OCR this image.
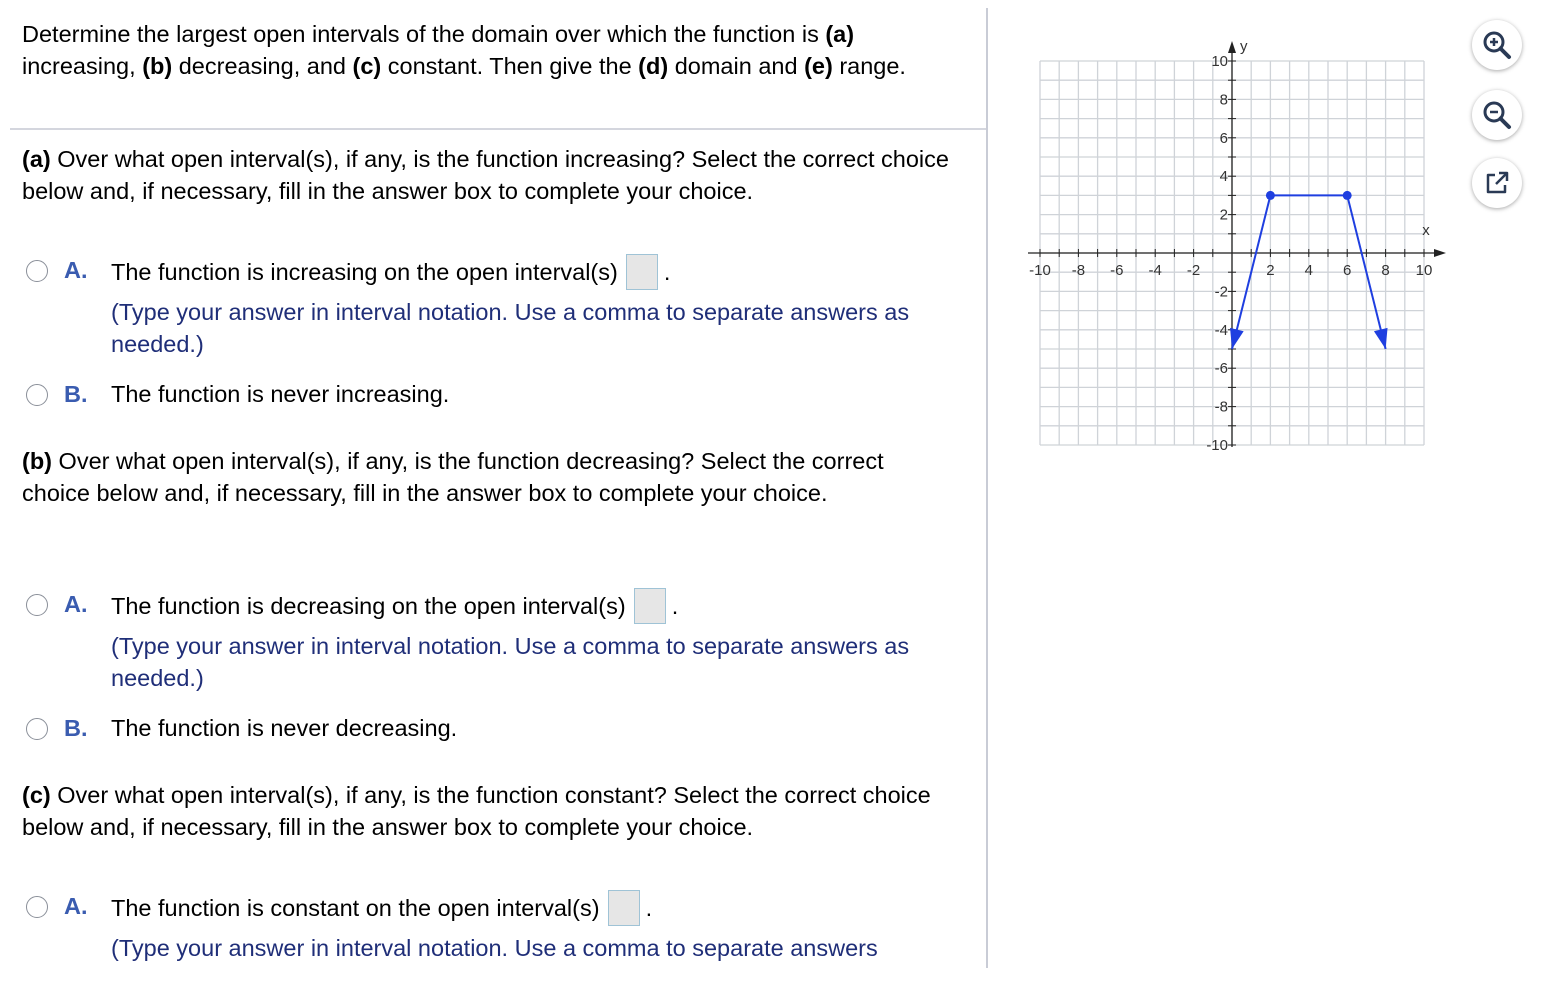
Determine the largest open intervals of the domain over which the function is (a) increasing, (b) decreasing, and (c) constant. Then give the (d) domain and (e) range.
(a) Over what open interval(s), if any, is the function increasing? Select the correct choice below and, if necessary, fill in the answer box to complete your choice.
A. The function is increasing on the open interval(s) .
(Type your answer in interval notation. Use a comma to separate answers as needed.)
B. The function is never increasing.
(b) Over what open interval(s), if any, is the function decreasing? Select the correct choice below and, if necessary, fill in the answer box to complete your choice.
A. The function is decreasing on the open interval(s) .
(Type your answer in interval notation. Use a comma to separate answers as needed.)
B. The function is never decreasing.
(c) Over what open interval(s), if any, is the function constant? Select the correct choice below and, if necessary, fill in the answer box to complete your choice.
A. The function is constant on the open interval(s) .
(Type your answer in interval notation. Use a comma to separate answers
-10 -8 -6 -4 -2	2 4 6 8 10
10
8
6
4
2
-2
-4
-6
-8
-10
x
y
